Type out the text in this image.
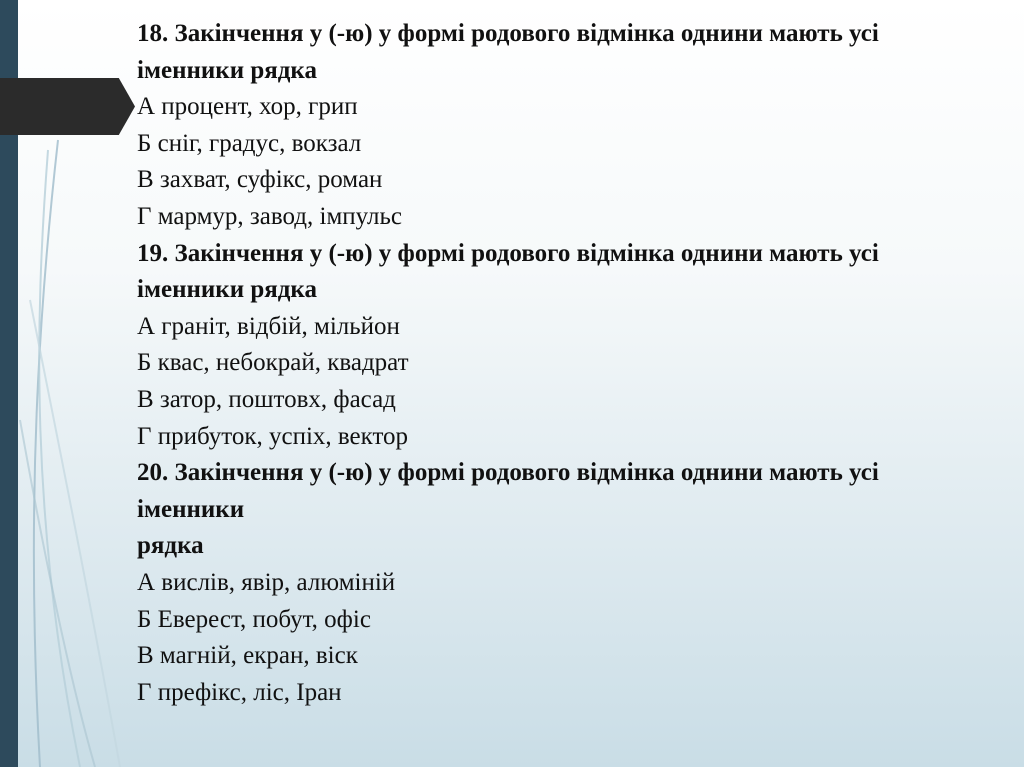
18. Закінчення у (-ю) у формі родового відмінка однини мають усі
іменники рядка

А процент, хор, грип
Б сніг, градус, вокзал
В захват, суфікс, роман
Г мармур, завод, імпульс

19. Закінчення у (-ю) у формі родового відмінка однини мають усі
іменники рядка

А граніт, відбій, мільйон
Б квас, небокрай, квадрат
В затор, поштовх, фасад
Г прибуток, успіх, вектор

20. Закінчення у (-ю) у формі родового відмінка однини мають усі
іменники
рядка

А вислів, явір, алюміній
Б Еверест, побут, офіс
В магній, екран, віск
Г префікс, ліс, Іран
